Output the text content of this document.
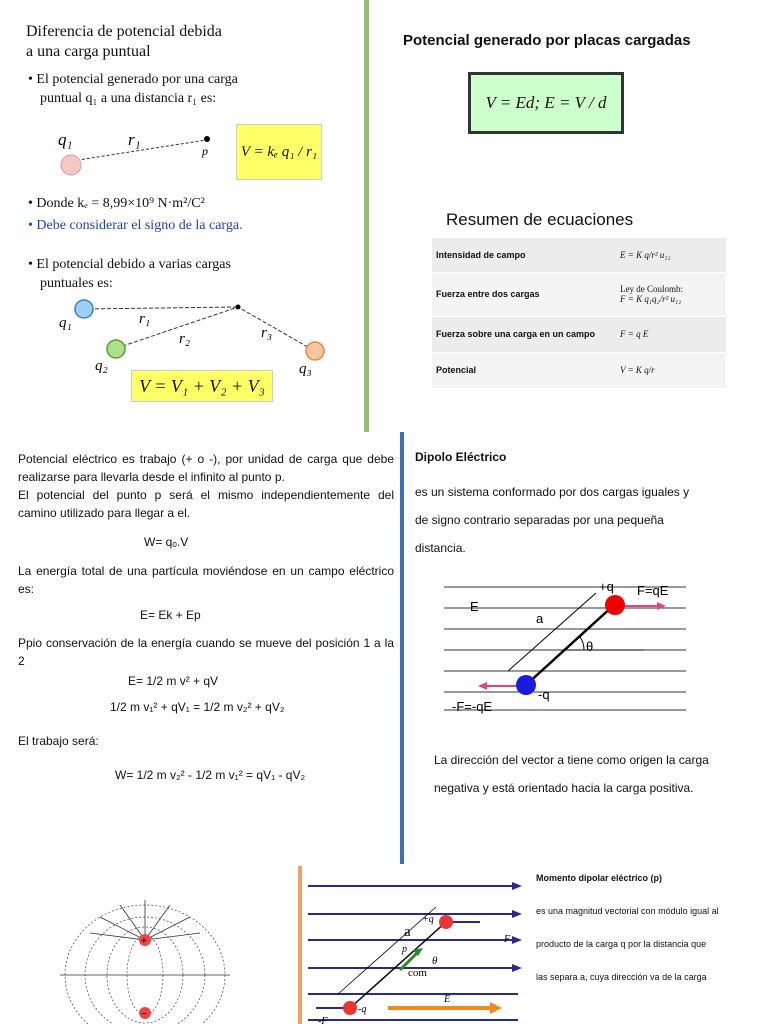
Diferencia de potencial debida
a una carga puntual
• El potencial generado por una carga
puntual q₁ a una distancia r₁ es:
q₁	r₁
p	V = kₑ q₁ / r₁
• Donde kₑ = 8,99×10⁹ N·m²/C²
• Debe considerar el signo de la carga.
• El potencial debido a varias cargas
puntuales es:
q₁
q₂	q₃
r₁
r₂	r₃
V = V₁ + V₂ + V₃
Potencial generado por placas cargadas
V = Ed; E = V / d
Resumen de ecuaciones
Intensidad de campo	E = K q/r² u₁₂
Fuerza entre dos cargas	Ley de Coulomb:
F = K q₁q₂/r² u₁₂

Fuerza sobre una carga en un campo	F = q E
Potencial	V = K q/r
Potencial eléctrico es trabajo (+ o -), por unidad de carga que debe realizarse para llevarla desde el infinito al punto p.
El potencial del punto p será el mismo independientemente del camino utilizado para llegar a el.
W= qₒ.V
La energía total de una partícula moviéndose en un campo eléctrico es:
E= Ek + Ep
Ppio conservación de la energía cuando se mueve del posición 1 a la 2
E= 1/2 m v² + qV
1/2 m v₁² + qV₁ = 1/2 m v₂² + qV₂
El trabajo será:
W= 1/2 m v₂² - 1/2 m v₁² = qV₁ - qV₂
Dipolo Eléctrico
es un sistema conformado por dos cargas iguales y
de signo contrario separadas por una pequeña
distancia.
E
+q F=qE
a
θ
-q
-F=-qE
La dirección del vector a tiene como origen la carga
negativa y está orientado hacia la carga positiva.
+
−
+q
F
a
p
θ
com
-q
E
-F
Momento dipolar eléctrico (p)
es una magnitud vectorial con módulo igual al
producto de la carga q por la distancia que
las separa a, cuya dirección va de la carga
